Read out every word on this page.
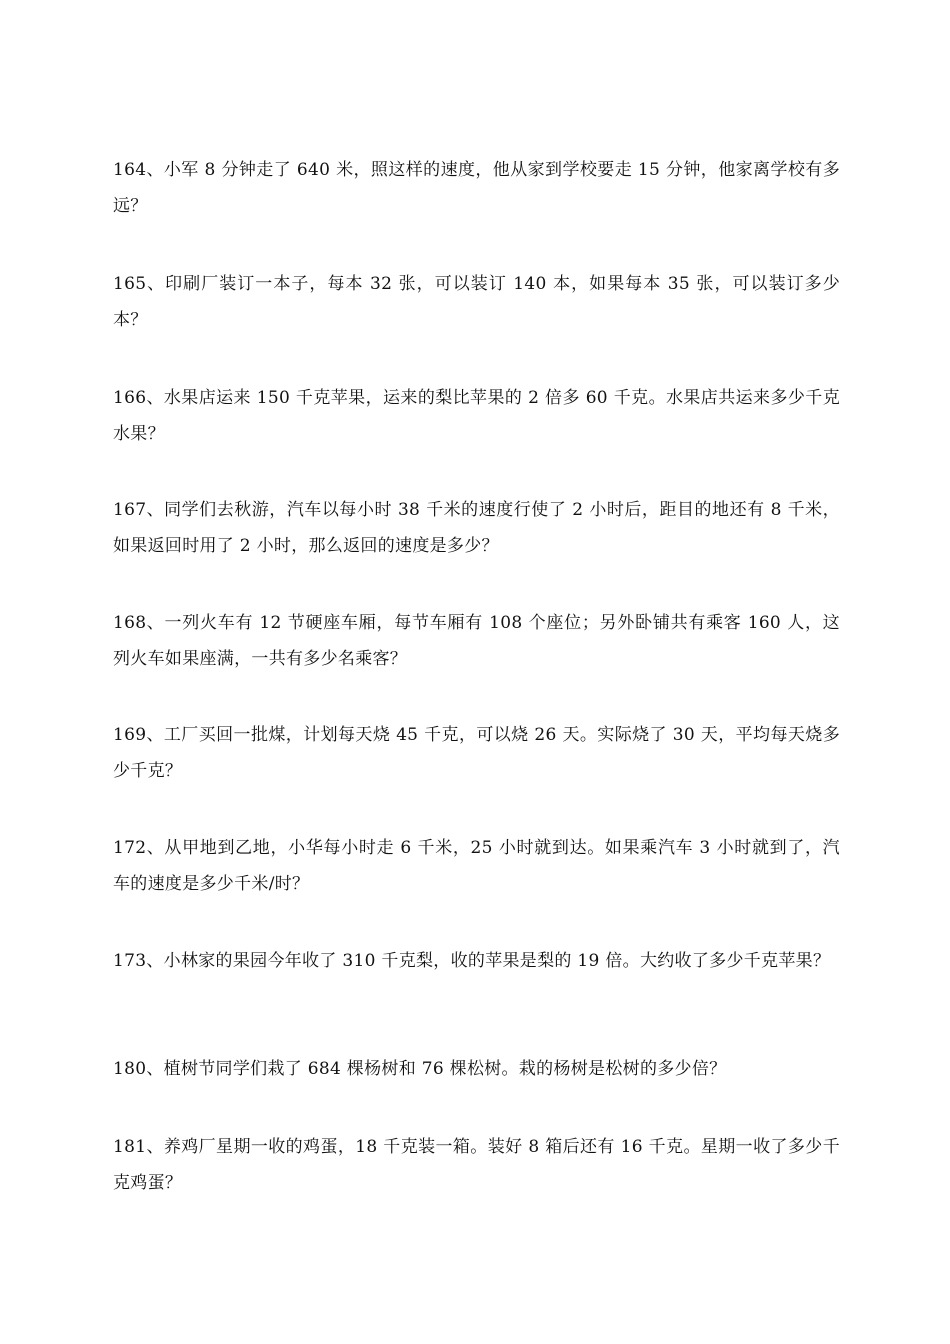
164、小军 8 分钟走了 640 米，照这样的速度，他从家到学校要走 15 分钟，他家离学校有多远？

165、印刷厂装订一本子，每本 32 张，可以装订 140 本，如果每本 35 张，可以装订多少本？

166、水果店运来 150 千克苹果，运来的梨比苹果的 2 倍多 60 千克。水果店共运来多少千克水果？

167、同学们去秋游，汽车以每小时 38 千米的速度行使了 2 小时后，距目的地还有 8 千米，如果返回时用了 2 小时，那么返回的速度是多少？

168、一列火车有 12 节硬座车厢，每节车厢有 108 个座位；另外卧铺共有乘客 160 人，这列火车如果座满，一共有多少名乘客？

169、工厂买回一批煤，计划每天烧 45 千克，可以烧 26 天。实际烧了 30 天，平均每天烧多少千克？

172、从甲地到乙地，小华每小时走 6 千米，25 小时就到达。如果乘汽车 3 小时就到了，汽车的速度是多少千米/时？

173、小林家的果园今年收了 310 千克梨，收的苹果是梨的 19 倍。大约收了多少千克苹果？

180、植树节同学们栽了 684 棵杨树和 76 棵松树。栽的杨树是松树的多少倍？

181、养鸡厂星期一收的鸡蛋，18 千克装一箱。装好 8 箱后还有 16 千克。星期一收了多少千克鸡蛋？
